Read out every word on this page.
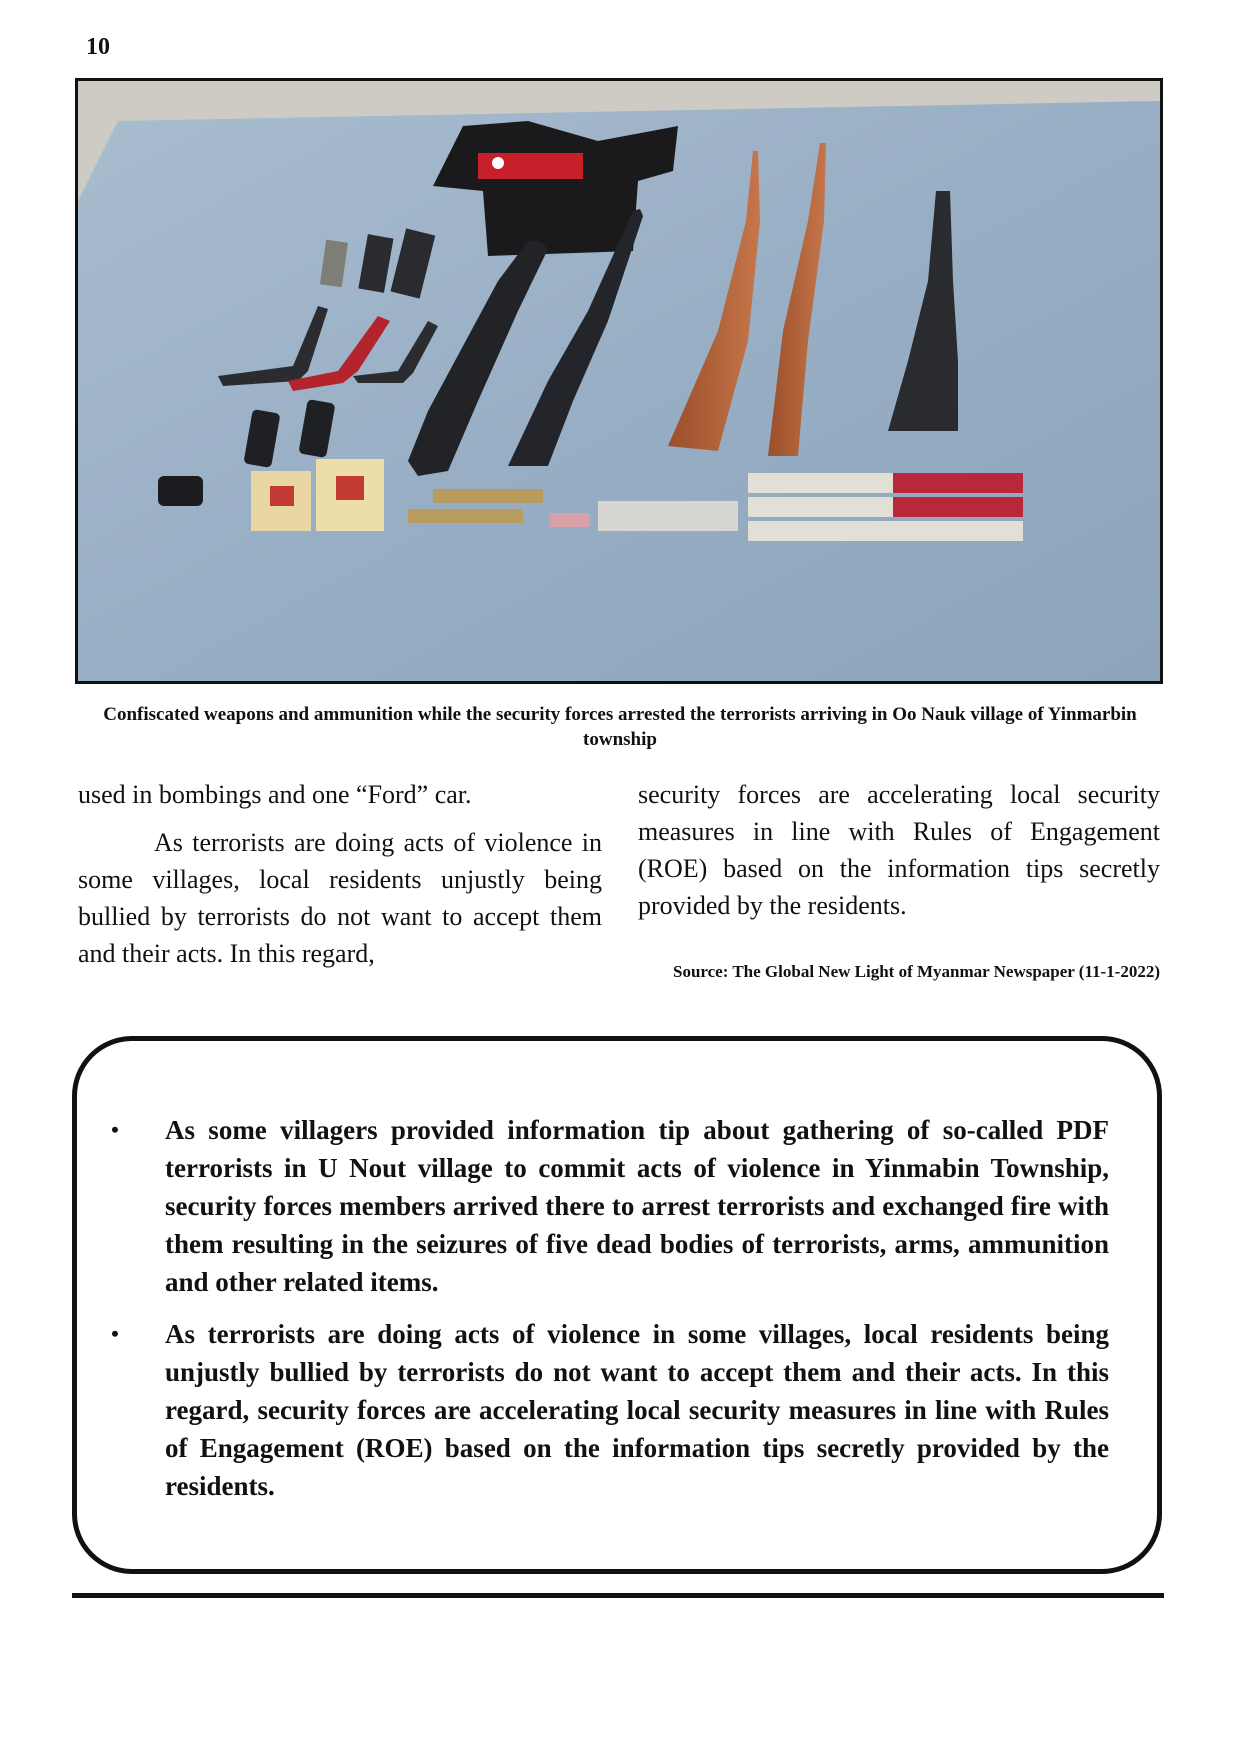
10
Confiscated weapons and ammunition while the security forces arrested the terrorists arriving in Oo Nauk village of Yinmarbin township

used in bombings and one “Ford” car.

As terrorists are doing acts of violence in some villages, local residents unjustly being bullied by terrorists do not want to accept them and their acts. In this regard,

security forces are accelerating local security measures in line with Rules of Engagement (ROE) based on the information tips secretly provided by the residents.

Source: The Global New Light of Myanmar Newspaper (11-1-2022)
• As some villagers provided information tip about gathering of so-called PDF terrorists in U Nout village to commit acts of violence in Yinmabin Township, security forces members arrived there to arrest terrorists and exchanged fire with them resulting in the seizures of five dead bodies of terrorists, arms, ammunition and other related items.
• As terrorists are doing acts of violence in some villages, local residents being unjustly bullied by terrorists do not want to accept them and their acts. In this regard, security forces are accelerating local security measures in line with Rules of Engagement (ROE) based on the information tips secretly provided by the residents.
